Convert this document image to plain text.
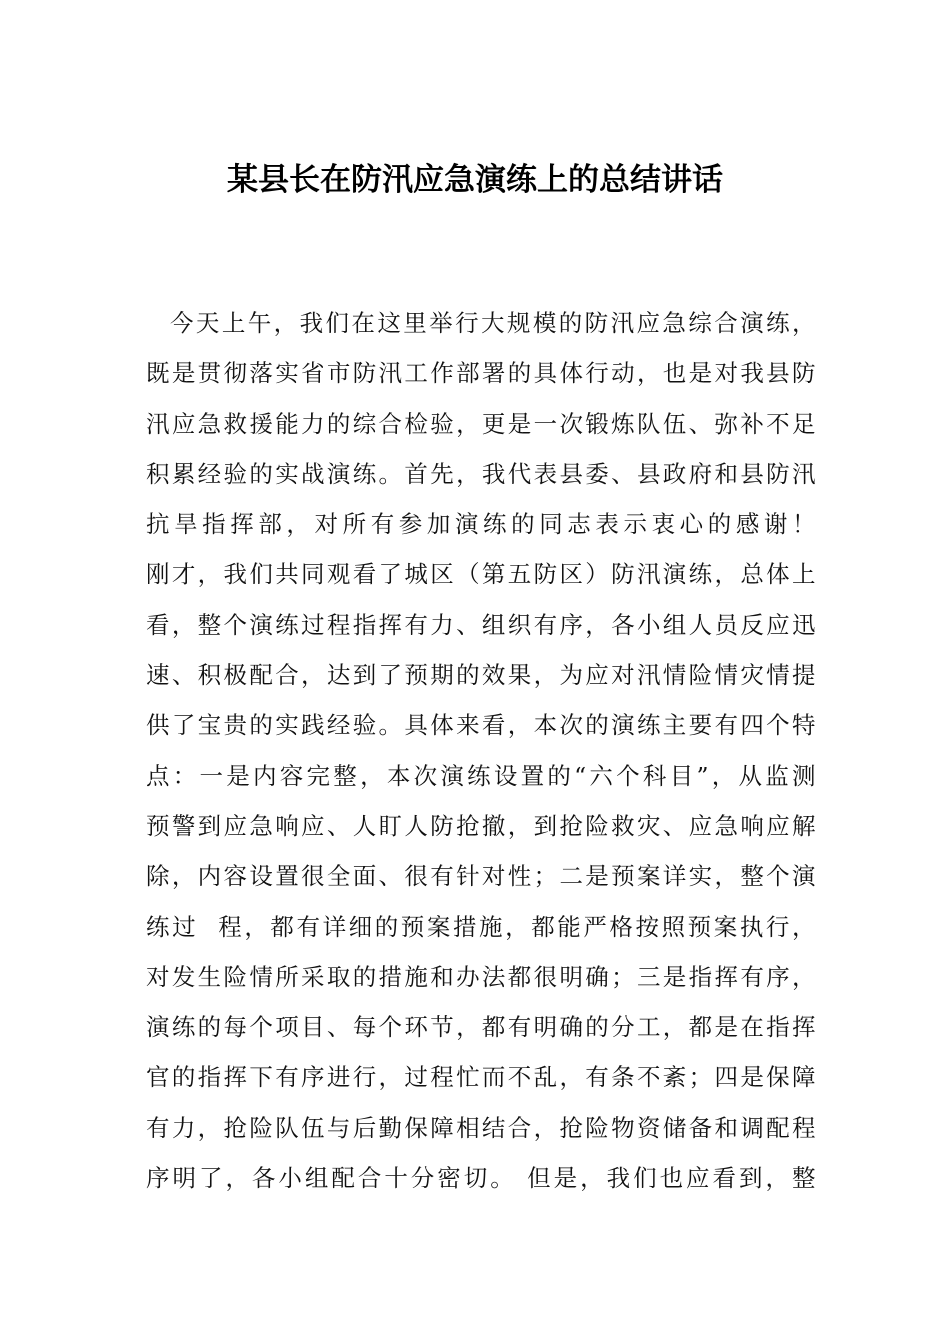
某县长在防汛应急演练上的总结讲话
今天上午，我们在这里举行大规模的防汛应急综合演练，
既是贯彻落实省市防汛工作部署的具体行动，也是对我县防
汛应急救援能力的综合检验，更是一次锻炼队伍、弥补不足
积累经验的实战演练。首先，我代表县委、县政府和县防汛
抗旱指挥部，对所有参加演练的同志表示衷心的感谢！
刚才，我们共同观看了城区（第五防区）防汛演练，总体上
看，整个演练过程指挥有力、组织有序，各小组人员反应迅
速、积极配合，达到了预期的效果，为应对汛情险情灾情提
供了宝贵的实践经验。具体来看，本次的演练主要有四个特
点：一是内容完整，本次演练设置的“六个科目”，从监测
预警到应急响应、人盯人防抢撤，到抢险救灾、应急响应解
除，内容设置很全面、很有针对性；二是预案详实，整个演
练过  程，都有详细的预案措施，都能严格按照预案执行，
对发生险情所采取的措施和办法都很明确；三是指挥有序，
演练的每个项目、每个环节，都有明确的分工，都是在指挥
官的指挥下有序进行，过程忙而不乱，有条不紊；四是保障
有力，抢险队伍与后勤保障相结合，抢险物资储备和调配程
序明了，各小组配合十分密切。 但是，我们也应看到，整
